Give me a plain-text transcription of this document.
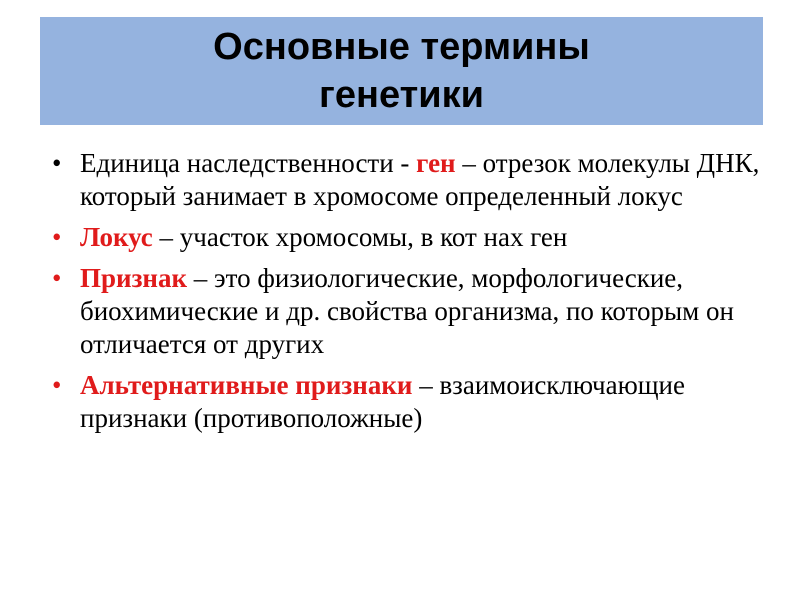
Основные термины
генетики
• Единица наследственности - ген – отрезок молекулы ДНК, который занимает в хромосоме определенный локус
• Локус – участок хромосомы, в кот нах ген
• Признак – это физиологические, морфологические, биохимические и др. свойства организма, по которым он отличается от других
• Альтернативные признаки – взаимоисключающие признаки (противоположные)
